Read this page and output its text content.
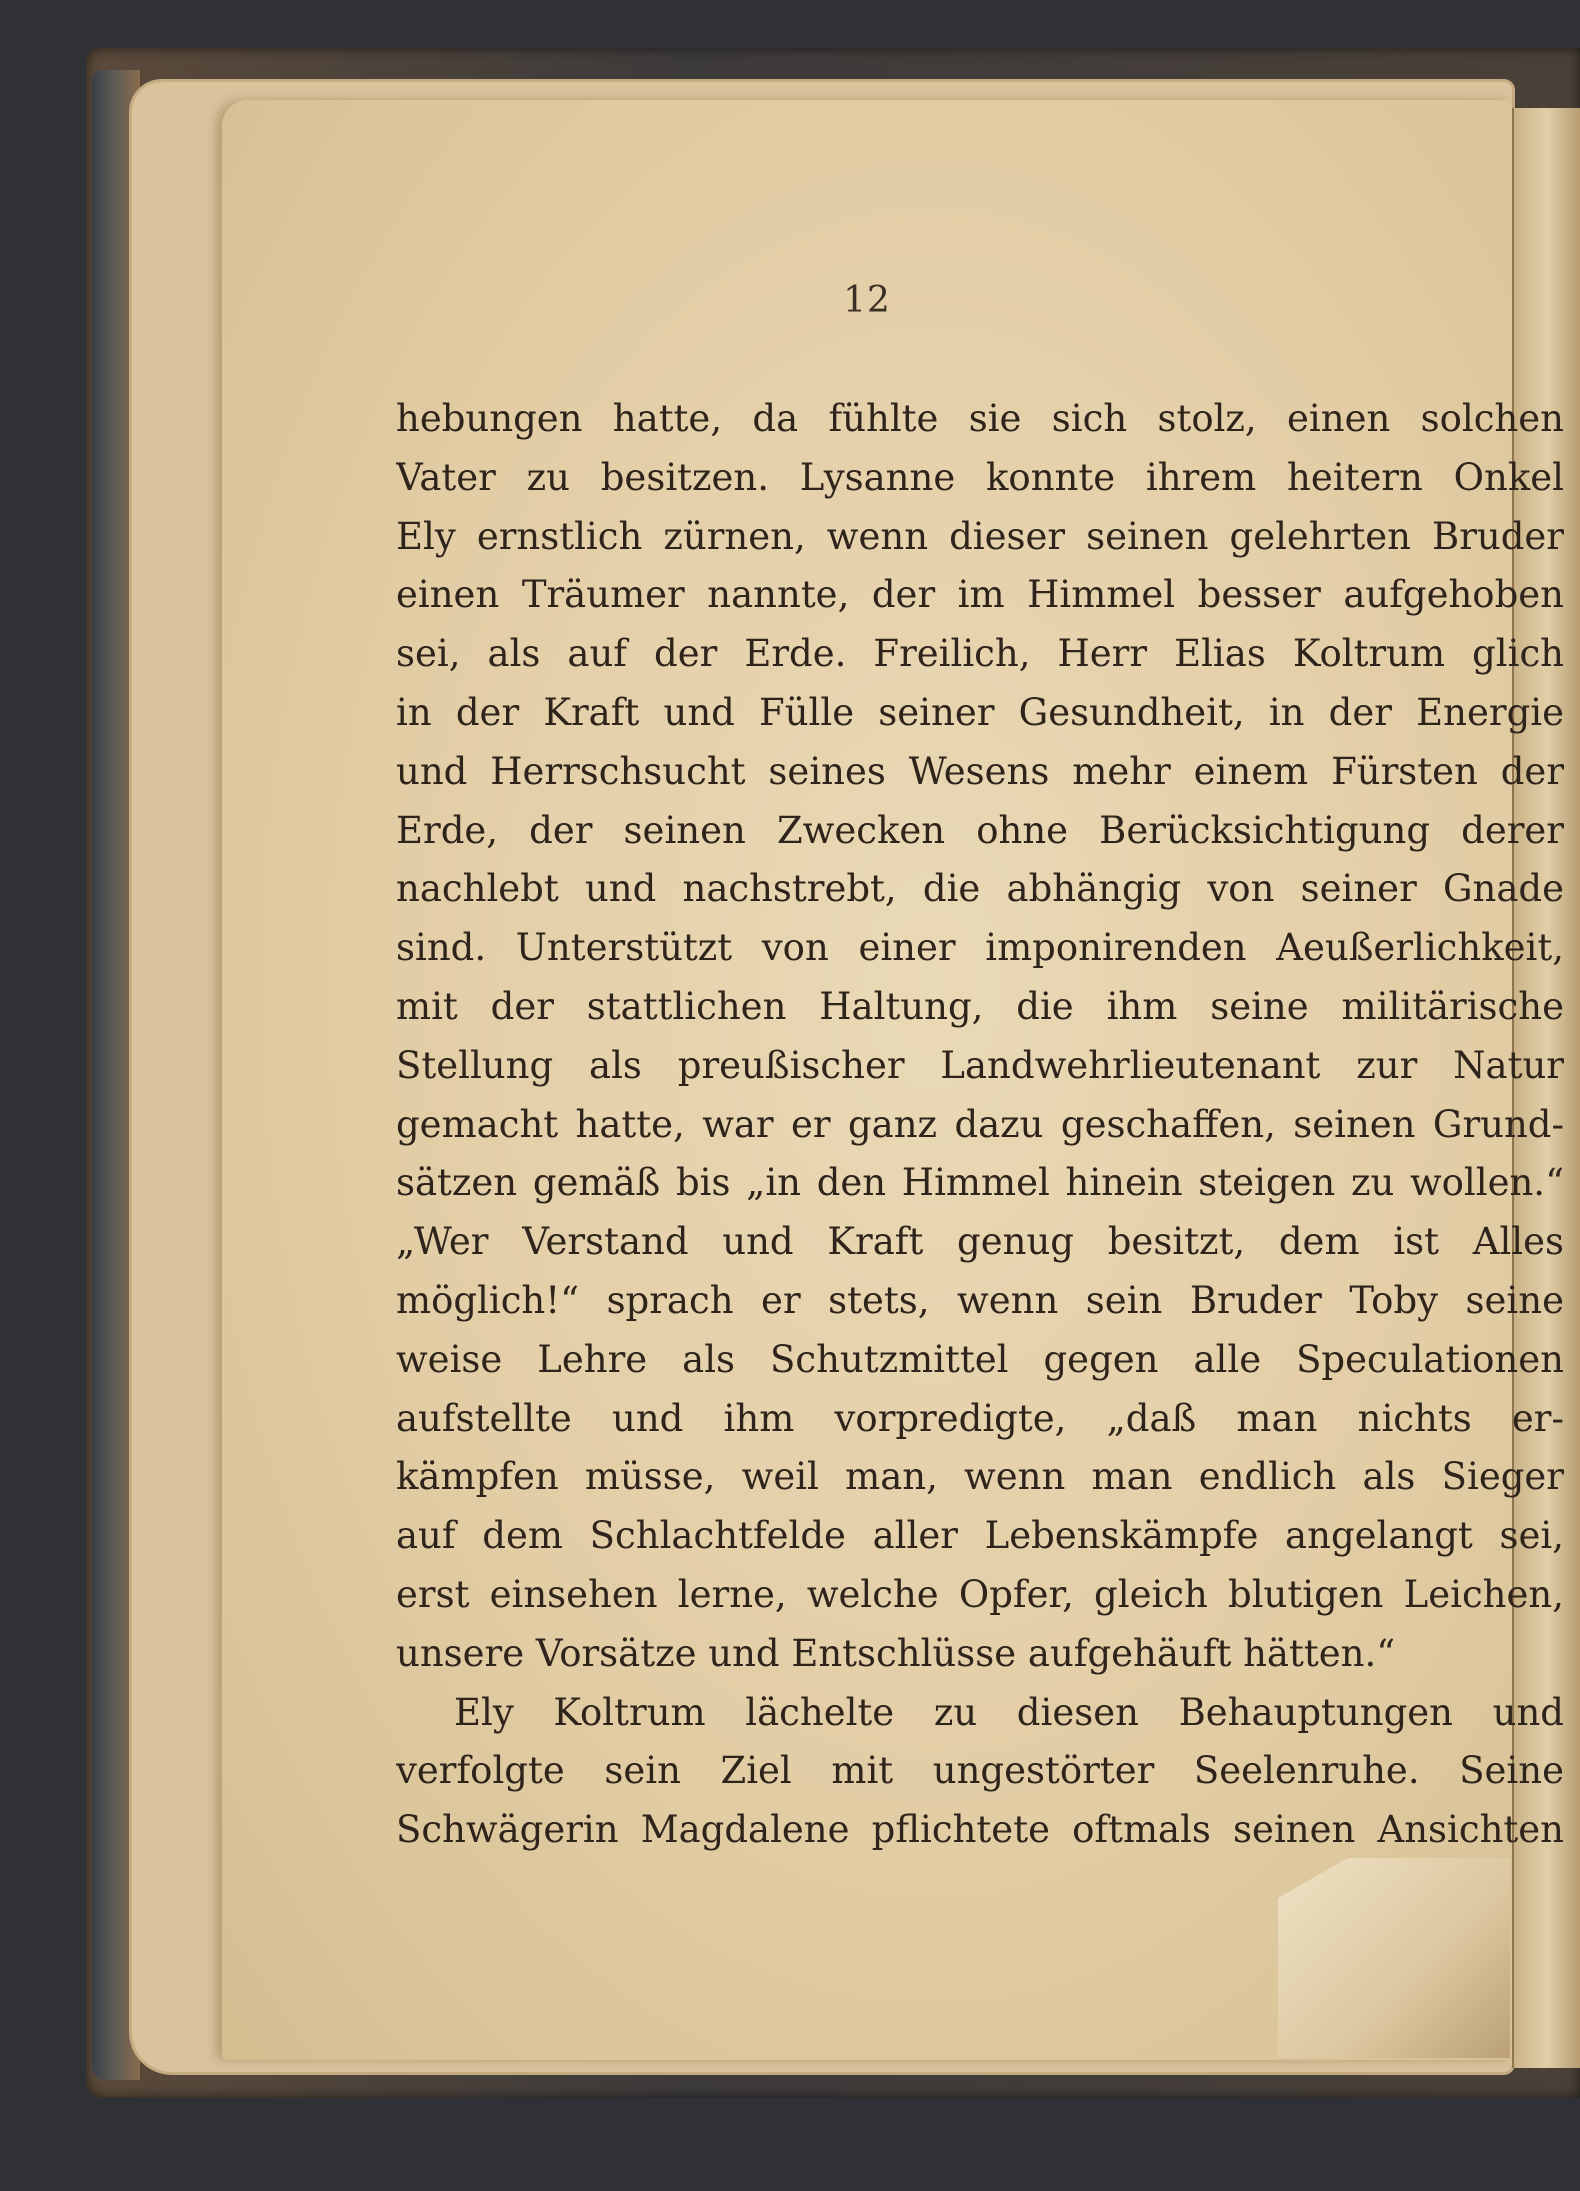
12
hebungen hatte, da fühlte sie sich stolz, einen solchen
Vater zu besitzen. Lysanne konnte ihrem heitern Onkel
Ely ernstlich zürnen, wenn dieser seinen gelehrten Bruder
einen Träumer nannte, der im Himmel besser aufgehoben
sei, als auf der Erde. Freilich, Herr Elias Koltrum glich
in der Kraft und Fülle seiner Gesundheit, in der Energie
und Herrschsucht seines Wesens mehr einem Fürsten der
Erde, der seinen Zwecken ohne Berücksichtigung derer
nachlebt und nachstrebt, die abhängig von seiner Gnade
sind. Unterstützt von einer imponirenden Aeußerlichkeit,
mit der stattlichen Haltung, die ihm seine militärische
Stellung als preußischer Landwehrlieutenant zur Natur
gemacht hatte, war er ganz dazu geschaffen, seinen Grund-
sätzen gemäß bis „in den Himmel hinein steigen zu wollen.“
„Wer Verstand und Kraft genug besitzt, dem ist Alles
möglich!“ sprach er stets, wenn sein Bruder Toby seine
weise Lehre als Schutzmittel gegen alle Speculationen
aufstellte und ihm vorpredigte, „daß man nichts er-
kämpfen müsse, weil man, wenn man endlich als Sieger
auf dem Schlachtfelde aller Lebenskämpfe angelangt sei,
erst einsehen lerne, welche Opfer, gleich blutigen Leichen,
unsere Vorsätze und Entschlüsse aufgehäuft hätten.“
Ely Koltrum lächelte zu diesen Behauptungen und
verfolgte sein Ziel mit ungestörter Seelenruhe. Seine
Schwägerin Magdalene pflichtete oftmals seinen Ansichten
